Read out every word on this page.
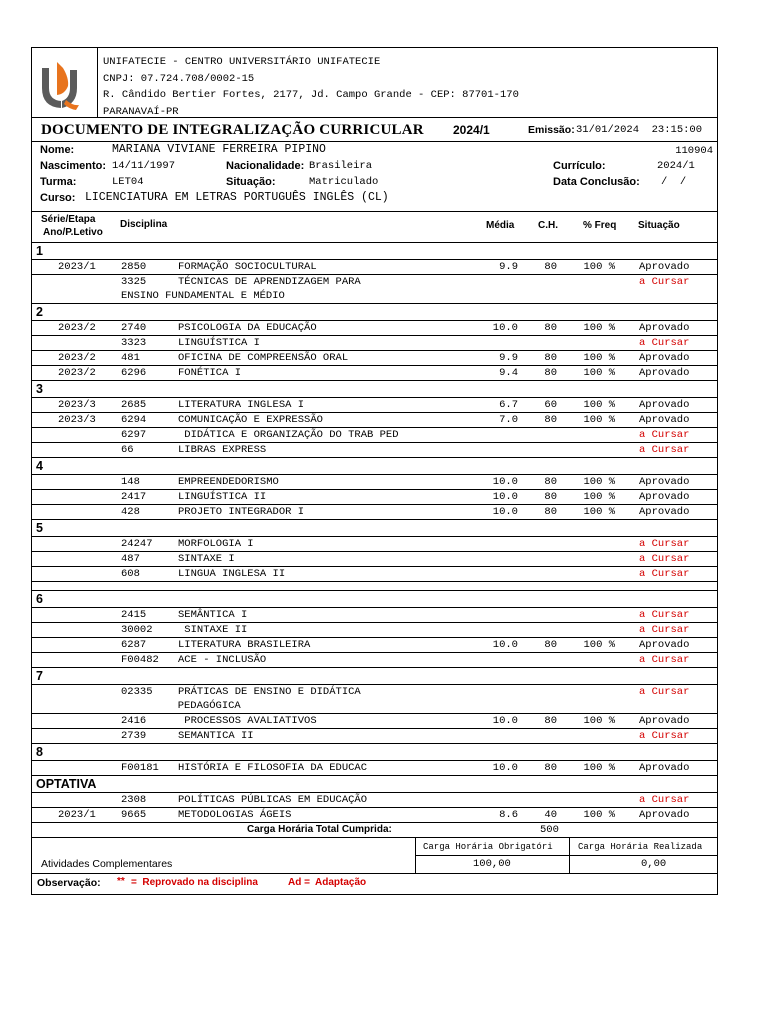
UNIFATECIE - CENTRO UNIVERSITÁRIO UNIFATECIE
CNPJ: 07.724.708/0002-15
R. Cândido Bertier Fortes, 2177, Jd. Campo Grande - CEP: 87701-170
PARANAVAÍ-PR
DOCUMENTO DE INTEGRALIZAÇÃO CURRICULAR 2024/1	Emissão: 31/01/2024  23:15:00
Nome:	MARIANA VIVIANE FERREIRA PIPINO	110904
Nascimento: 14/11/1997	Nacionalidade: Brasileira	Currículo:	2024/1
Turma:	LET04	Situação:	Matriculado	Data Conclusão: /  /
Curso: LICENCIATURA EM LETRAS PORTUGUÊS INGLÊS (CL)
Série/Etapa
Ano/P.Letivo
Disciplina	Média C.H.	% Freq Situação
1
2023/1 2850	FORMAÇÃO SOCIOCULTURAL	9.9	80	100 % Aprovado
3325	TÉCNICAS DE APRENDIZAGEM PARA	a Cursar
ENSINO FUNDAMENTAL E MÉDIO
2
2023/2 2740	PSICOLOGIA DA EDUCAÇÃO	10.0	80	100 % Aprovado
3323	LINGUÍSTICA I	a Cursar
2023/2 481	OFICINA DE COMPREENSÃO ORAL	9.9	80	100 % Aprovado
2023/2 6296	FONÉTICA I	9.4	80	100 % Aprovado
3
2023/3 2685	LITERATURA INGLESA I	6.7	60	100 % Aprovado
2023/3 6294	COMUNICAÇÃO E EXPRESSÃO	7.0	80	100 % Aprovado
6297	DIDÁTICA E ORGANIZAÇÃO DO TRAB PED	a Cursar
66	LIBRAS EXPRESS	a Cursar
4
148	EMPREENDEDORISMO	10.0	80	100 % Aprovado
2417	LINGUÍSTICA II	10.0	80	100 % Aprovado
428	PROJETO INTEGRADOR I	10.0	80	100 % Aprovado
5
24247 MORFOLOGIA I	a Cursar
487	SINTAXE I	a Cursar
608	LINGUA INGLESA II	a Cursar
6
2415	SEMÂNTICA I	a Cursar
30002 SINTAXE II	a Cursar
6287	LITERATURA BRASILEIRA	10.0	80	100 % Aprovado
F00482 ACE - INCLUSÃO	a Cursar
7
02335 PRÁTICAS DE ENSINO E DIDÁTICA	a Cursar
PEDAGÓGICA
2416	PROCESSOS AVALIATIVOS	10.0	80	100 % Aprovado
2739	SEMANTICA II	a Cursar
8
F00181 HISTÓRIA E FILOSOFIA DA EDUCAC	10.0	80	100 % Aprovado
OPTATIVA
2308	POLÍTICAS PÚBLICAS EM EDUCAÇÃO	a Cursar
2023/1 9665	METODOLOGIAS ÁGEIS	8.6	40	100 % Aprovado
Carga Horária Total Cumprida:	500
Atividades Complementares
Carga Horária Obrigatóri	Carga Horária Realizada
100,00	0,00
Observação: ** =  Reprovado na disciplina	Ad = Adaptação
